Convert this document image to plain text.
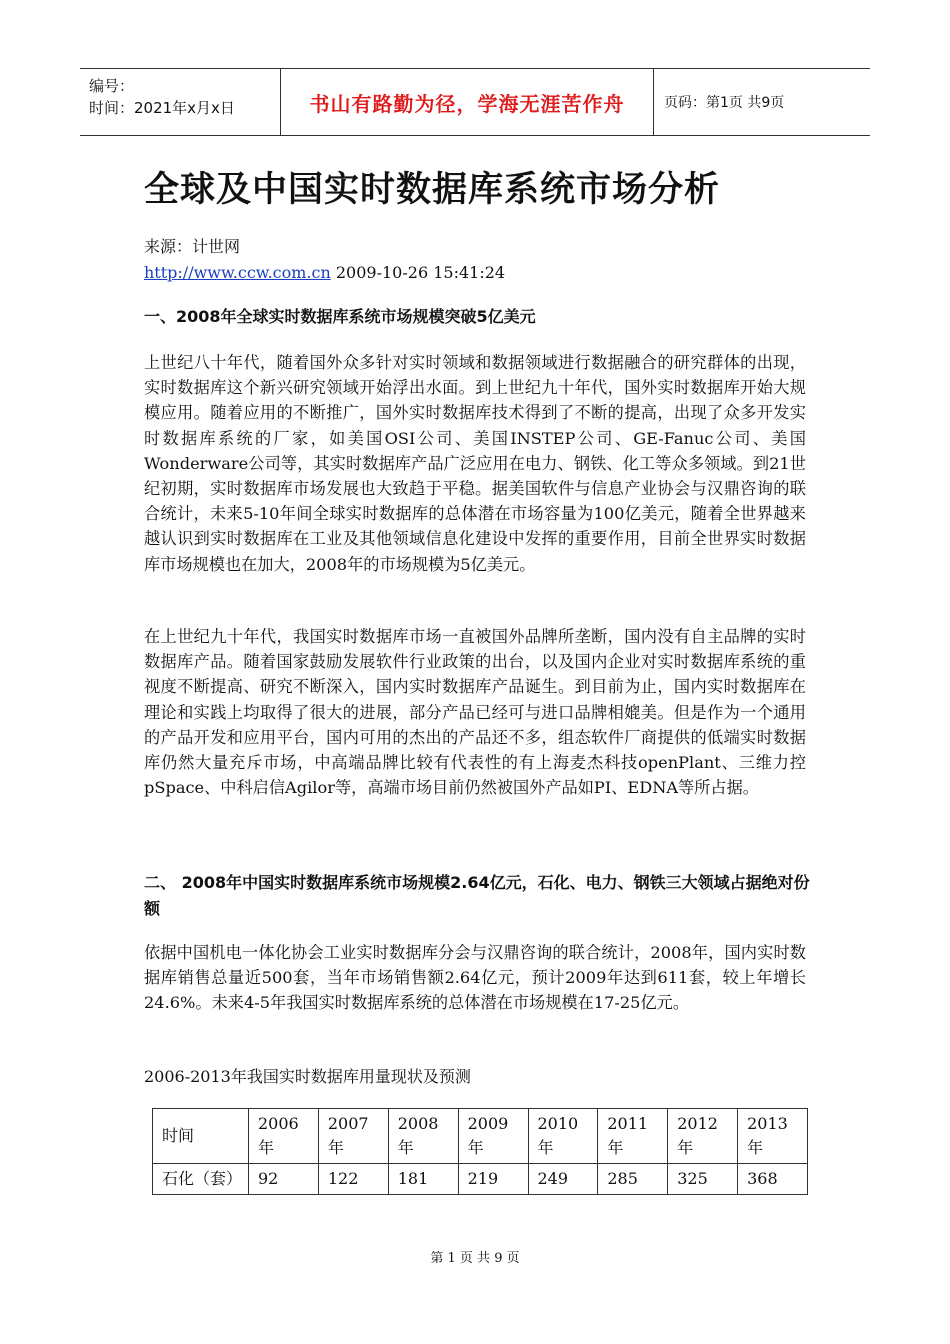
编号：
时间：2021年x月x日	书山有路勤为径，学海无涯苦作舟	页码：第1页 共9页
全球及中国实时数据库系统市场分析
来源：计世网
http://www.ccw.com.cn 2009-10-26 15:41:24
一、2008年全球实时数据库系统市场规模突破5亿美元
上世纪八十年代，随着国外众多针对实时领域和数据领域进行数据融合的研究群体的出现，实时数据库这个新兴研究领域开始浮出水面。到上世纪九十年代，国外实时数据库开始大规模应用。随着应用的不断推广，国外实时数据库技术得到了不断的提高，出现了众多开发实时数据库系统的厂家，如美国OSI公司、美国INSTEP公司、GE-Fanuc公司、美国Wonderware公司等，其实时数据库产品广泛应用在电力、钢铁、化工等众多领域。到21世纪初期，实时数据库市场发展也大致趋于平稳。据美国软件与信息产业协会与汉鼎咨询的联合统计，未来5-10年间全球实时数据库的总体潜在市场容量为100亿美元，随着全世界越来越认识到实时数据库在工业及其他领域信息化建设中发挥的重要作用，目前全世界实时数据库市场规模也在加大，2008年的市场规模为5亿美元。
在上世纪九十年代，我国实时数据库市场一直被国外品牌所垄断，国内没有自主品牌的实时数据库产品。随着国家鼓励发展软件行业政策的出台，以及国内企业对实时数据库系统的重视度不断提高、研究不断深入，国内实时数据库产品诞生。到目前为止，国内实时数据库在理论和实践上均取得了很大的进展，部分产品已经可与进口品牌相媲美。但是作为一个通用的产品开发和应用平台，国内可用的杰出的产品还不多，组态软件厂商提供的低端实时数据库仍然大量充斥市场，中高端品牌比较有代表性的有上海麦杰科技openPlant、三维力控pSpace、中科启信Agilor等，高端市场目前仍然被国外产品如PI、EDNA等所占据。
二、 2008年中国实时数据库系统市场规模2.64亿元，石化、电力、钢铁三大领域占据绝对份额
依据中国机电一体化协会工业实时数据库分会与汉鼎咨询的联合统计，2008年，国内实时数据库销售总量近500套，当年市场销售额2.64亿元，预计2009年达到611套，较上年增长24.6%。未来4-5年我国实时数据库系统的总体潜在市场规模在17-25亿元。
2006-2013年我国实时数据库用量现状及预测
时间	2006年	2007年	2008年	2009年	2010年	2011年	2012年	2013年
石化（套）	92	122	181	219	249	285	325	368
第 1 页 共 9 页
